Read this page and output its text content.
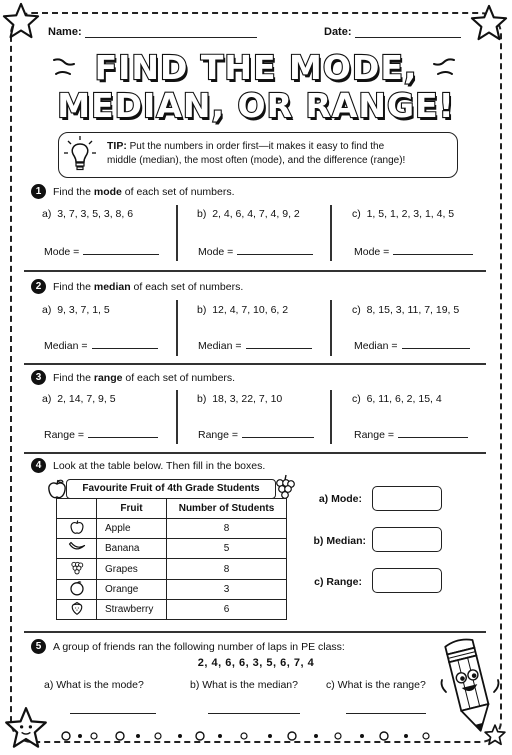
Name:	Date:
FIND THE MODE,
MEDIAN, OR RANGE!
TIP: Put the numbers in order first—it makes it easy to find the
middle (median), the most often (mode), and the difference (range)!
1	Find the mode of each set of numbers.
a) 3, 7, 3, 5, 3, 8, 6
Mode =
b) 2, 4, 6, 4, 7, 4, 9, 2
Mode =
c) 1, 5, 1, 2, 3, 1, 4, 5
Mode =
2	Find the median of each set of numbers.
a) 9, 3, 7, 1, 5
Median =
b) 12, 4, 7, 10, 6, 2
Median =
c) 8, 15, 3, 11, 7, 19, 5
Median =
3	Find the range of each set of numbers.
a) 2, 14, 7, 9, 5
Range =
b) 18, 3, 22, 7, 10
Range =
c) 6, 11, 6, 2, 15, 4
Range =
4	Look at the table below. Then fill in the boxes.
Favourite Fruit of 4th Grade Students
	Fruit	Number of Students
	Apple	8
	Banana	5
	Grapes	8
	Orange	3
	Strawberry	6
a) Mode:
b) Median:
c) Range:
5	A group of friends ran the following number of laps in PE class:
2, 4, 6, 6, 3, 5, 6, 7, 4
a) What is the mode?	b) What is the median?	c) What is the range?
